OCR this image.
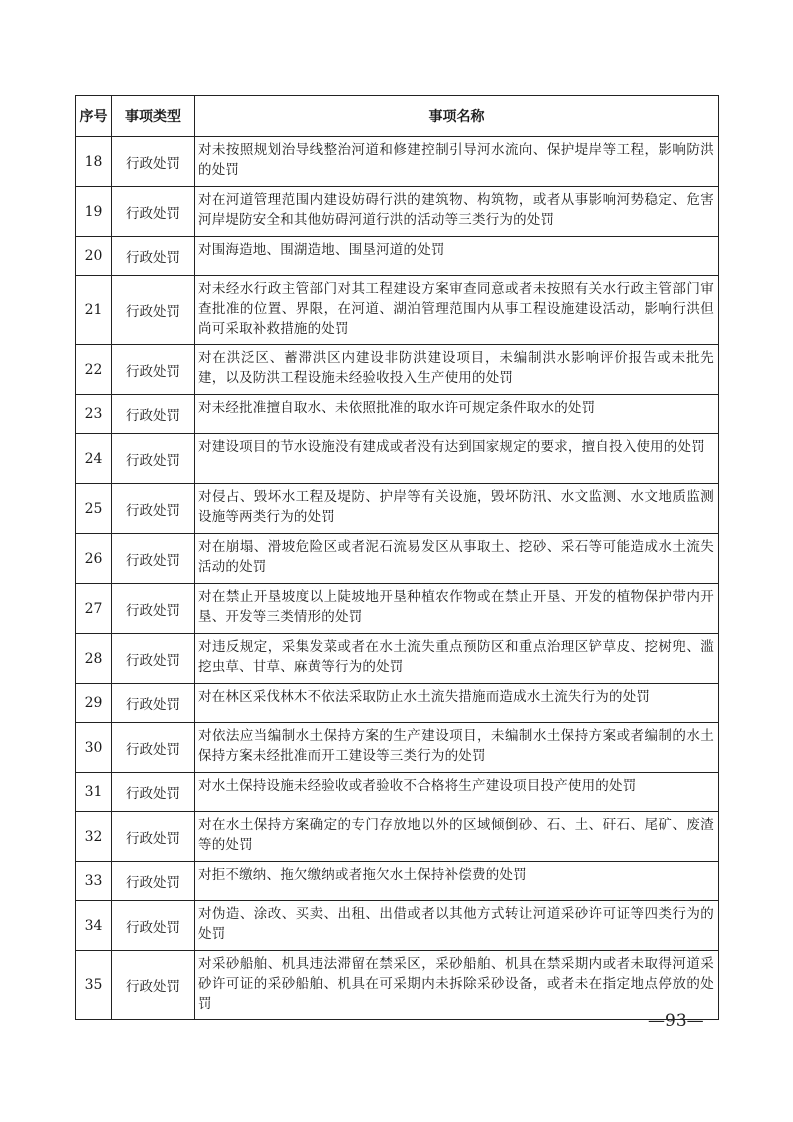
序号	事项类型	事项名称
18	行政处罚	对未按照规划治导线整治河道和修建控制引导河水流向、保护堤岸等工程，影响防洪的处罚
19	行政处罚	对在河道管理范围内建设妨碍行洪的建筑物、构筑物，或者从事影响河势稳定、危害河岸堤防安全和其他妨碍河道行洪的活动等三类行为的处罚
20	行政处罚	对围海造地、围湖造地、围垦河道的处罚
21	行政处罚	对未经水行政主管部门对其工程建设方案审查同意或者未按照有关水行政主管部门审查批准的位置、界限，在河道、湖泊管理范围内从事工程设施建设活动，影响行洪但尚可采取补救措施的处罚
22	行政处罚	对在洪泛区、蓄滞洪区内建设非防洪建设项目，未编制洪水影响评价报告或未批先建，以及防洪工程设施未经验收投入生产使用的处罚
23	行政处罚	对未经批准擅自取水、未依照批准的取水许可规定条件取水的处罚
24	行政处罚	对建设项目的节水设施没有建成或者没有达到国家规定的要求，擅自投入使用的处罚
25	行政处罚	对侵占、毁坏水工程及堤防、护岸等有关设施，毁坏防汛、水文监测、水文地质监测设施等两类行为的处罚
26	行政处罚	对在崩塌、滑坡危险区或者泥石流易发区从事取土、挖砂、采石等可能造成水土流失活动的处罚
27	行政处罚	对在禁止开垦坡度以上陡坡地开垦种植农作物或在禁止开垦、开发的植物保护带内开垦、开发等三类情形的处罚
28	行政处罚	对违反规定，采集发菜或者在水土流失重点预防区和重点治理区铲草皮、挖树兜、滥挖虫草、甘草、麻黄等行为的处罚
29	行政处罚	对在林区采伐林木不依法采取防止水土流失措施而造成水土流失行为的处罚
30	行政处罚	对依法应当编制水土保持方案的生产建设项目，未编制水土保持方案或者编制的水土保持方案未经批准而开工建设等三类行为的处罚
31	行政处罚	对水土保持设施未经验收或者验收不合格将生产建设项目投产使用的处罚
32	行政处罚	对在水土保持方案确定的专门存放地以外的区域倾倒砂、石、土、矸石、尾矿、废渣等的处罚
33	行政处罚	对拒不缴纳、拖欠缴纳或者拖欠水土保持补偿费的处罚
34	行政处罚	对伪造、涂改、买卖、出租、出借或者以其他方式转让河道采砂许可证等四类行为的处罚
35	行政处罚	对采砂船舶、机具违法滞留在禁采区，采砂船舶、机具在禁采期内或者未取得河道采砂许可证的采砂船舶、机具在可采期内未拆除采砂设备，或者未在指定地点停放的处罚
—93—
